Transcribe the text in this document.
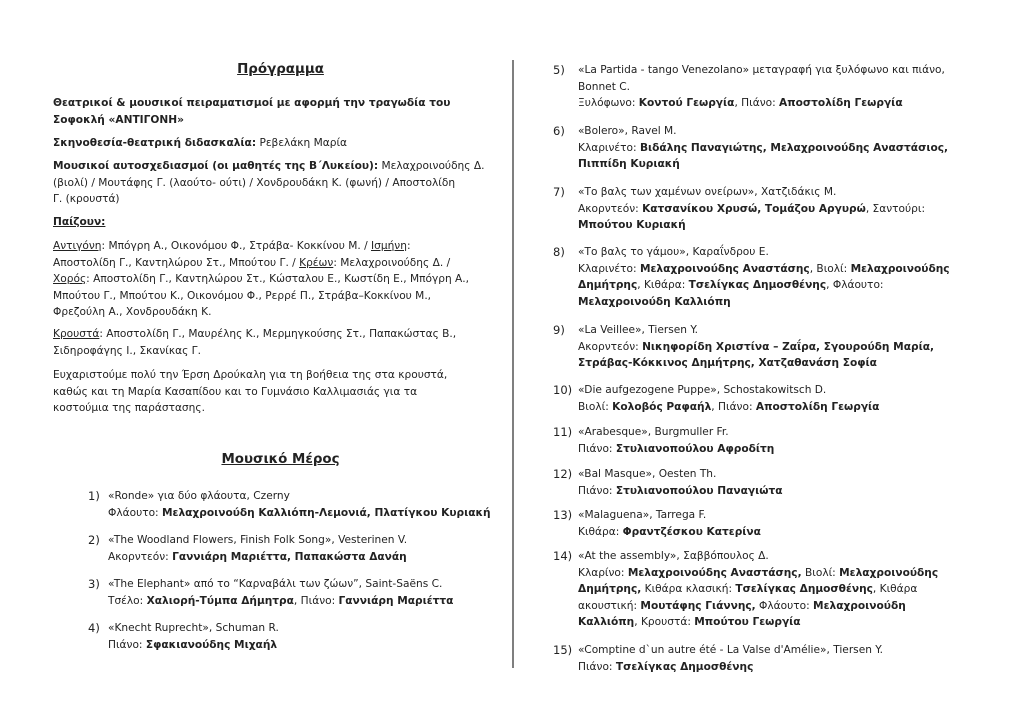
Πρόγραμμα
Θεατρικοί & μουσικοί πειραματισμοί με αφορμή την τραγωδία του
Σοφοκλή «ΑΝΤΙΓΟΝΗ»
Σκηνοθεσία-θεατρική διδασκαλία: Ρεβελάκη Μαρία
Μουσικοί αυτοσχεδιασμοί (οι μαθητές της Β΄Λυκείου): Μελαχροινούδης Δ.
(βιολί) / Μουτάφης Γ. (λαούτο- ούτι) / Χονδρουδάκη Κ. (φωνή) / Αποστολίδη
Γ. (κρουστά)
Παίζουν:
Αντιγόνη: Μπόγρη Α., Οικονόμου Φ., Στράβα- Κοκκίνου Μ. / Ισμήνη:
Αποστολίδη Γ., Καντηλώρου Στ., Μπούτου Γ. / Κρέων: Μελαχροινούδης Δ. /
Χορός: Αποστολίδη Γ., Καντηλώρου Στ., Κώσταλου Ε., Κωστίδη Ε., Μπόγρη Α.,
Μπούτου Γ., Μπούτου Κ., Οικονόμου Φ., Ρερρέ Π., Στράβα–Κοκκίνου Μ.,
Φρεζούλη Α., Χονδρουδάκη Κ.
Κρουστά: Αποστολίδη Γ., Μαυρέλης Κ., Μερμηγκούσης Στ., Παπακώστας Β.,
Σιδηροφάγης Ι., Σκανίκας Γ.
Ευχαριστούμε πολύ την Έρση Δρούκαλη για τη βοήθεια της στα κρουστά,
καθώς και τη Μαρία Κασαπίδου και το Γυμνάσιο Καλλιμασιάς για τα
κοστούμια της παράστασης.
Μουσικό Μέρος
1) «Ronde» για δύο φλάουτα, Czerny
Φλάουτο: Μελαχροινούδη Καλλιόπη-Λεμονιά, Πλατίγκου Κυριακή
2) «The Woodland Flowers, Finish Folk Song», Vesterinen V.
Ακορντεόν: Γαννιάρη Μαριέττα, Παπακώστα Δανάη
3) «The Elephant» από το “Καρναβάλι των ζώων”, Saint-Saëns C.
Τσέλο: Χαλιορή-Τύμπα Δήμητρα, Πιάνο: Γαννιάρη Μαριέττα
4) «Knecht Ruprecht», Schuman R.
Πιάνο: Σφακιανούδης Μιχαήλ
5) «La Partida - tango Venezolano» μεταγραφή για ξυλόφωνο και πιάνο,
Bonnet C.
Ξυλόφωνο: Κοντού Γεωργία, Πιάνο: Αποστολίδη Γεωργία
6) «Bolero», Ravel M.
Κλαρινέτο: Βιδάλης Παναγιώτης, Μελαχροινούδης Αναστάσιος,
Πιππίδη Κυριακή
7) «Το βαλς των χαμένων ονείρων», Χατζιδάκις Μ.
Ακορντεόν: Κατσανίκου Χρυσώ, Τομάζου Αργυρώ, Σαντούρι:
Μπούτου Κυριακή
8) «Το βαλς το γάμου», Καραΐνδρου Ε.
Κλαρινέτο: Μελαχροινούδης Αναστάσης, Βιολί: Μελαχροινούδης
Δημήτρης, Κιθάρα: Τσελίγκας Δημοσθένης, Φλάουτο:
Μελαχροινούδη Καλλιόπη
9) «La Veillee», Tiersen Y.
Ακορντεόν: Νικηφορίδη Χριστίνα – Ζαΐρα, Σγουρούδη Μαρία,
Στράβας-Κόκκινος Δημήτρης, Χατζαθανάση Σοφία
10) «Die aufgezogene Puppe», Schostakowitsch D.
Βιολί: Κολοβός Ραφαήλ, Πιάνο: Αποστολίδη Γεωργία
11) «Arabesque», Burgmuller Fr.
Πιάνο: Στυλιανοπούλου Αφροδίτη
12) «Bal Masque», Oesten Th.
Πιάνο: Στυλιανοπούλου Παναγιώτα
13) «Malaguena», Tarrega F.
Κιθάρα: Φραντζέσκου Κατερίνα
14) «At the assembly», Σαββόπουλος Δ.
Κλαρίνο: Μελαχροινούδης Αναστάσης, Βιολί: Μελαχροινούδης
Δημήτρης, Κιθάρα κλασική: Τσελίγκας Δημοσθένης, Κιθάρα
ακουστική: Μουτάφης Γιάννης, Φλάουτο: Μελαχροινούδη
Καλλιόπη, Κρουστά: Μπούτου Γεωργία
15) «Comptine d`un autre été - La Valse d'Amélie», Tiersen Y.
Πιάνο: Τσελίγκας Δημοσθένης
